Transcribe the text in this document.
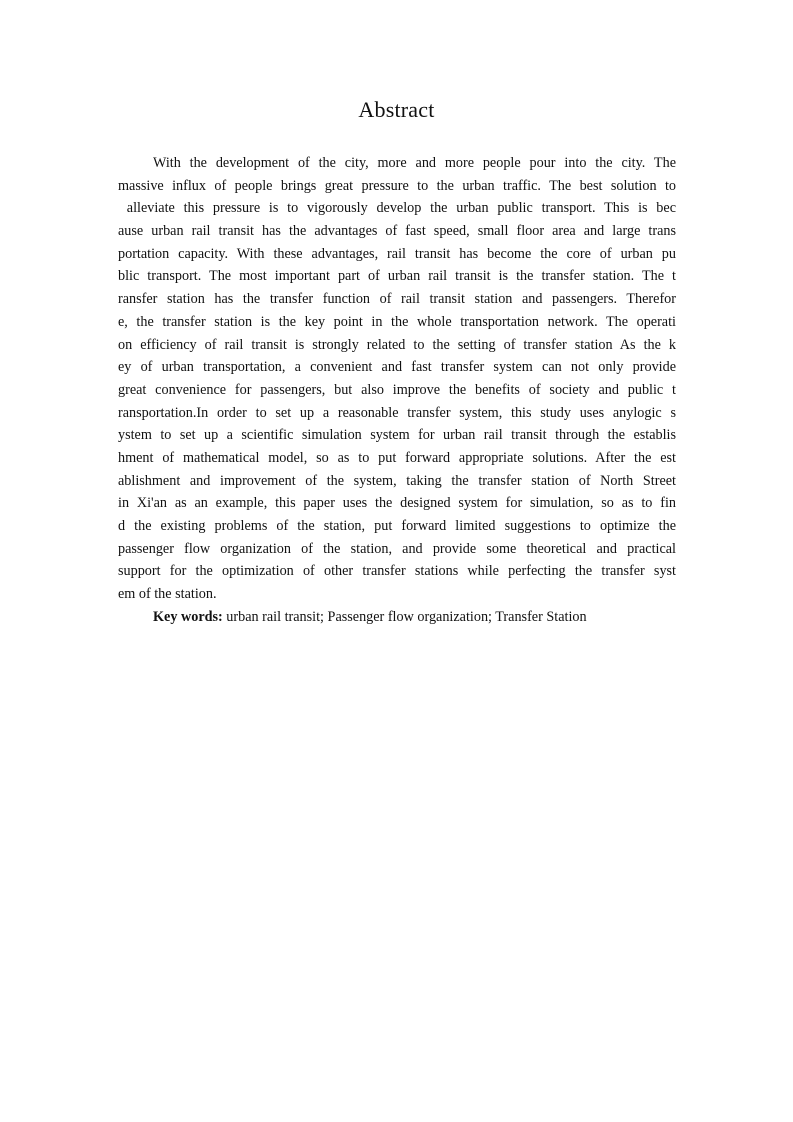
Abstract
With the development of the city, more and more people pour into the city. The
massive influx of people brings great pressure to the urban traffic. The best solution to
alleviate this pressure is to vigorously develop the urban public transport. This is bec
ause urban rail transit has the advantages of fast speed, small floor area and large trans
portation capacity. With these advantages, rail transit has become the core of urban pu
blic transport. The most important part of urban rail transit is the transfer station. The t
ransfer station has the transfer function of rail transit station and passengers. Therefor
e, the transfer station is the key point in the whole transportation network. The operati
on efficiency of rail transit is strongly related to the setting of transfer station As the k
ey of urban transportation, a convenient and fast transfer system can not only provide
great convenience for passengers, but also improve the benefits of society and public t
ransportation.In order to set up a reasonable transfer system, this study uses anylogic s
ystem to set up a scientific simulation system for urban rail transit through the establis
hment of mathematical model, so as to put forward appropriate solutions. After the est
ablishment and improvement of the system, taking the transfer station of North Street
in Xi'an as an example, this paper uses the designed system for simulation, so as to fin
d the existing problems of the station, put forward limited suggestions to optimize the
passenger flow organization of the station, and provide some theoretical and practical
support for the optimization of other transfer stations while perfecting the transfer syst
em of the station.
Key words: urban rail transit; Passenger flow organization; Transfer Station
